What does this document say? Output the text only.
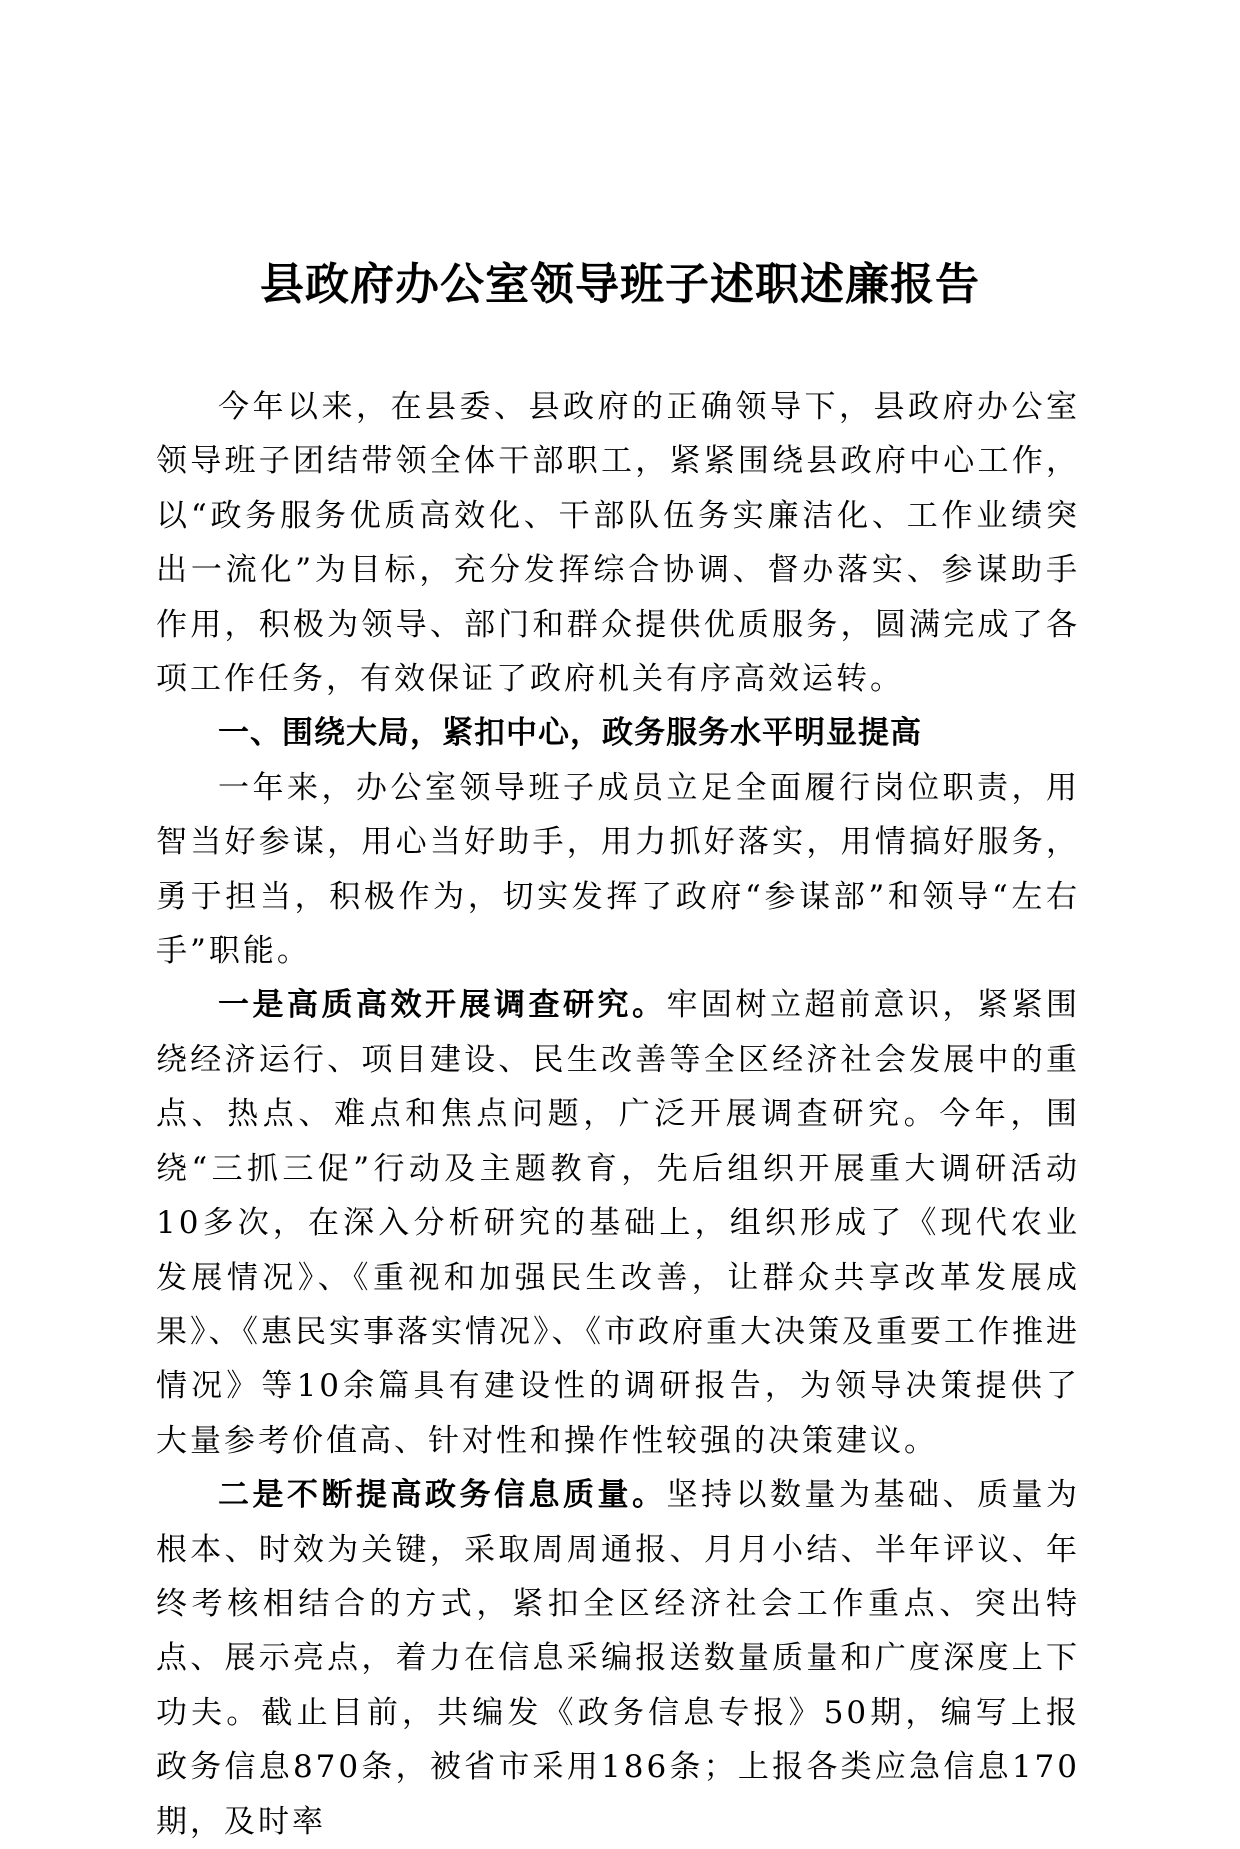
县政府办公室领导班子述职述廉报告

今年以来，在县委、县政府的正确领导下，县政府办公室领导班子团结带领全体干部职工，紧紧围绕县政府中心工作，以“政务服务优质高效化、干部队伍务实廉洁化、工作业绩突出一流化”为目标，充分发挥综合协调、督办落实、参谋助手作用，积极为领导、部门和群众提供优质服务，圆满完成了各项工作任务，有效保证了政府机关有序高效运转。

一、围绕大局，紧扣中心，政务服务水平明显提高

一年来，办公室领导班子成员立足全面履行岗位职责，用智当好参谋，用心当好助手，用力抓好落实，用情搞好服务，勇于担当，积极作为，切实发挥了政府“参谋部”和领导“左右手”职能。

一是高质高效开展调查研究。牢固树立超前意识，紧紧围绕经济运行、项目建设、民生改善等全区经济社会发展中的重点、热点、难点和焦点问题，广泛开展调查研究。今年，围绕“三抓三促”行动及主题教育，先后组织开展重大调研活动10多次，在深入分析研究的基础上，组织形成了《现代农业发展情况》、《重视和加强民生改善，让群众共享改革发展成果》、《惠民实事落实情况》、《市政府重大决策及重要工作推进情况》等10余篇具有建设性的调研报告，为领导决策提供了大量参考价值高、针对性和操作性较强的决策建议。

二是不断提高政务信息质量。坚持以数量为基础、质量为根本、时效为关键，采取周周通报、月月小结、半年评议、年终考核相结合的方式，紧扣全区经济社会工作重点、突出特点、展示亮点，着力在信息采编报送数量质量和广度深度上下功夫。截止目前，共编发《政务信息专报》50期，编写上报政务信息870条，被省市采用186条；上报各类应急信息170期，及时率
